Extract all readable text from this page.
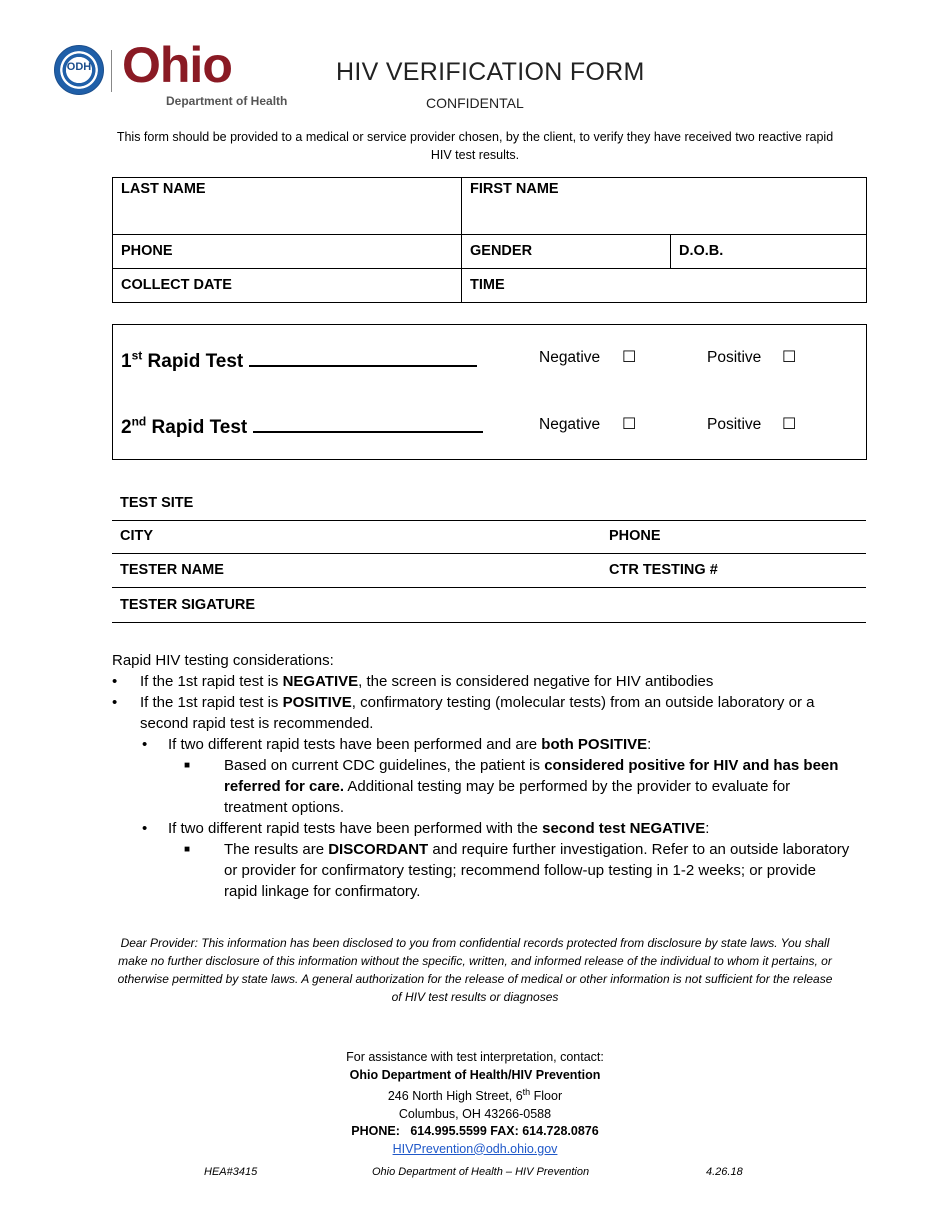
ODH Ohio
Department of Health
HIV VERIFICATION FORM
CONFIDENTAL
This form should be provided to a medical or service provider chosen, by the client, to verify they have received two reactive rapid HIV test results.
LAST NAME	FIRST NAME	
PHONE	GENDER	D.O.B.
COLLECT DATE	TIME	
1st Rapid Test	Negative ☐	Positive ☐
2nd Rapid Test	Negative ☐	Positive ☐
TEST SITE
CITY	PHONE
TESTER NAME	CTR TESTING #
TESTER SIGATURE
Rapid HIV testing considerations:
• If the 1st rapid test is NEGATIVE, the screen is considered negative for HIV antibodies
• If the 1st rapid test is POSITIVE, confirmatory testing (molecular tests) from an outside laboratory or a second rapid test is recommended.
• If two different rapid tests have been performed and are both POSITIVE:
■ Based on current CDC guidelines, the patient is considered positive for HIV and has been referred for care. Additional testing may be performed by the provider to evaluate for treatment options.
• If two different rapid tests have been performed with the second test NEGATIVE:
■ The results are DISCORDANT and require further investigation. Refer to an outside laboratory or provider for confirmatory testing; recommend follow-up testing in 1-2 weeks; or provide rapid linkage for confirmatory.
Dear Provider: This information has been disclosed to you from confidential records protected from disclosure by state laws. You shall make no further disclosure of this information without the specific, written, and informed release of the individual to whom it pertains, or otherwise permitted by state laws. A general authorization for the release of medical or other information is not sufficient for the release of HIV test results or diagnoses
For assistance with test interpretation, contact:
Ohio Department of Health/HIV Prevention
246 North High Street, 6th Floor
Columbus, OH 43266-0588
PHONE:   614.995.5599 FAX: 614.728.0876
HIVPrevention@odh.ohio.gov
HEA#3415	Ohio Department of Health – HIV Prevention	4.26.18
